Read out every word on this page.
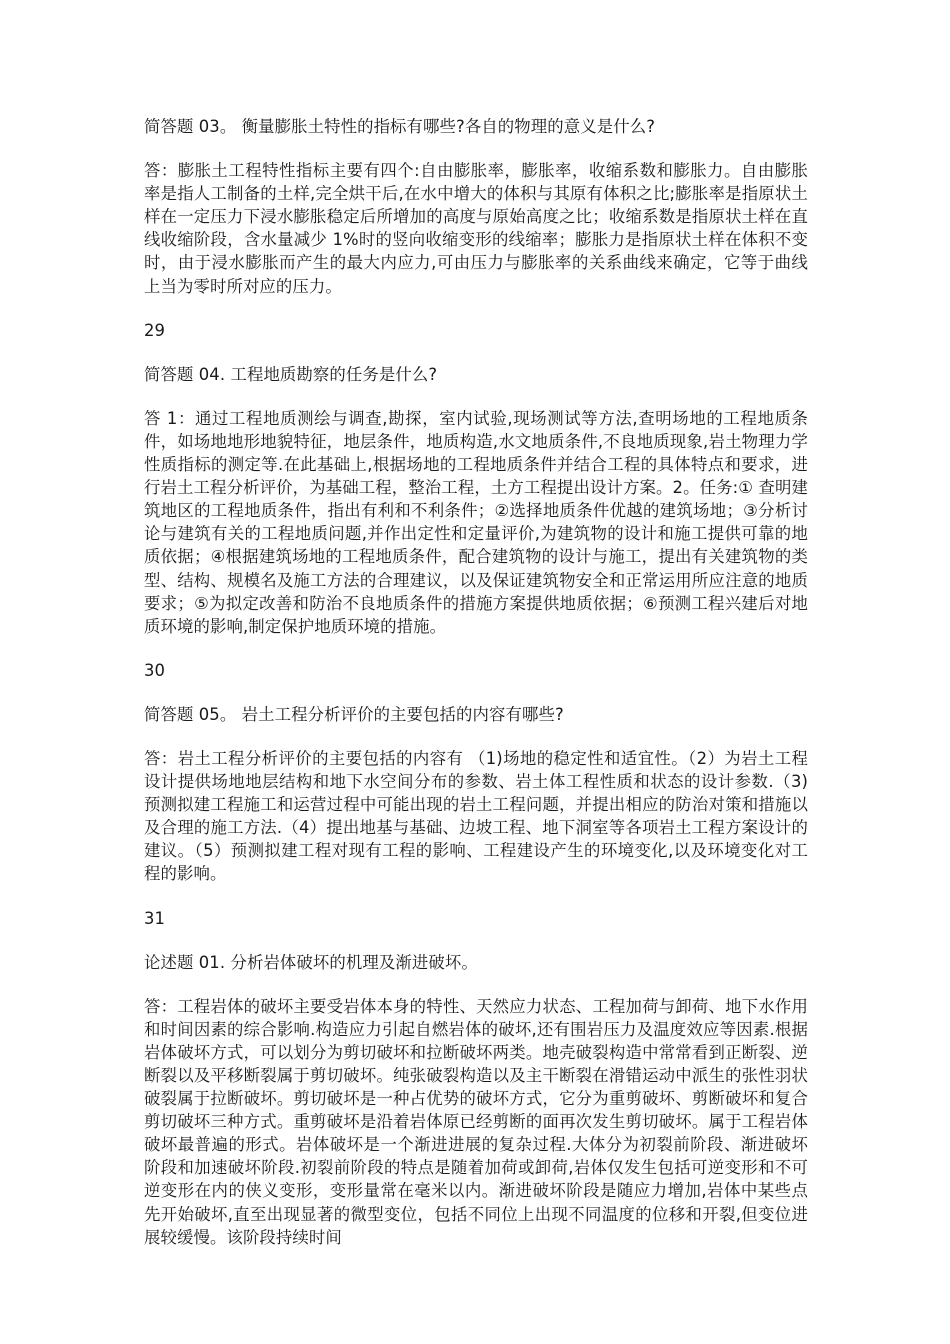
简答题 03。 衡量膨胀土特性的指标有哪些?各自的物理的意义是什么?

答：膨胀土工程特性指标主要有四个:自由膨胀率，膨胀率，收缩系数和膨胀力。自由膨胀率是指人工制备的土样,完全烘干后,在水中增大的体积与其原有体积之比;膨胀率是指原状土样在一定压力下浸水膨胀稳定后所增加的高度与原始高度之比；收缩系数是指原状土样在直线收缩阶段，含水量减少 1%时的竖向收缩变形的线缩率；膨胀力是指原状土样在体积不变时，由于浸水膨胀而产生的最大内应力,可由压力与膨胀率的关系曲线来确定，它等于曲线上当为零时所对应的压力。

29

简答题 04. 工程地质勘察的任务是什么?

答 1：通过工程地质测绘与调查,勘探，室内试验,现场测试等方法,查明场地的工程地质条件，如场地地形地貌特征，地层条件，地质构造,水文地质条件,不良地质现象,岩土物理力学性质指标的测定等.在此基础上,根据场地的工程地质条件并结合工程的具体特点和要求，进行岩土工程分析评价，为基础工程，整治工程，土方工程提出设计方案。2。任务:① 查明建筑地区的工程地质条件，指出有利和不利条件；②选择地质条件优越的建筑场地；③分析讨论与建筑有关的工程地质问题,并作出定性和定量评价,为建筑物的设计和施工提供可靠的地质依据；④根据建筑场地的工程地质条件，配合建筑物的设计与施工，提出有关建筑物的类型、结构、规模名及施工方法的合理建议，以及保证建筑物安全和正常运用所应注意的地质要求；⑤为拟定改善和防治不良地质条件的措施方案提供地质依据；⑥预测工程兴建后对地质环境的影响,制定保护地质环境的措施。

30

简答题 05。 岩土工程分析评价的主要包括的内容有哪些?

答：岩土工程分析评价的主要包括的内容有 （1)场地的稳定性和适宜性。（2）为岩土工程设计提供场地地层结构和地下水空间分布的参数、岩土体工程性质和状态的设计参数.（3)预测拟建工程施工和运营过程中可能出现的岩土工程问题，并提出相应的防治对策和措施以及合理的施工方法.（4）提出地基与基础、边坡工程、地下洞室等各项岩土工程方案设计的建议。（5）预测拟建工程对现有工程的影响、工程建设产生的环境变化,以及环境变化对工程的影响。

31

论述题 01. 分析岩体破坏的机理及渐进破坏。

答：工程岩体的破坏主要受岩体本身的特性、天然应力状态、工程加荷与卸荷、地下水作用和时间因素的综合影响.构造应力引起自燃岩体的破坏,还有围岩压力及温度效应等因素.根据岩体破坏方式，可以划分为剪切破坏和拉断破坏两类。地壳破裂构造中常常看到正断裂、逆断裂以及平移断裂属于剪切破坏。纯张破裂构造以及主干断裂在滑错运动中派生的张性羽状破裂属于拉断破坏。剪切破坏是一种占优势的破坏方式，它分为重剪破坏、剪断破坏和复合剪切破坏三种方式。重剪破坏是沿着岩体原已经剪断的面再次发生剪切破坏。属于工程岩体破坏最普遍的形式。岩体破坏是一个渐进进展的复杂过程.大体分为初裂前阶段、渐进破坏阶段和加速破坏阶段.初裂前阶段的特点是随着加荷或卸荷,岩体仅发生包括可逆变形和不可逆变形在内的侠义变形，变形量常在毫米以内。渐进破坏阶段是随应力增加,岩体中某些点先开始破坏,直至出现显著的微型变位，包括不同位上出现不同温度的位移和开裂,但变位进展较缓慢。该阶段持续时间
